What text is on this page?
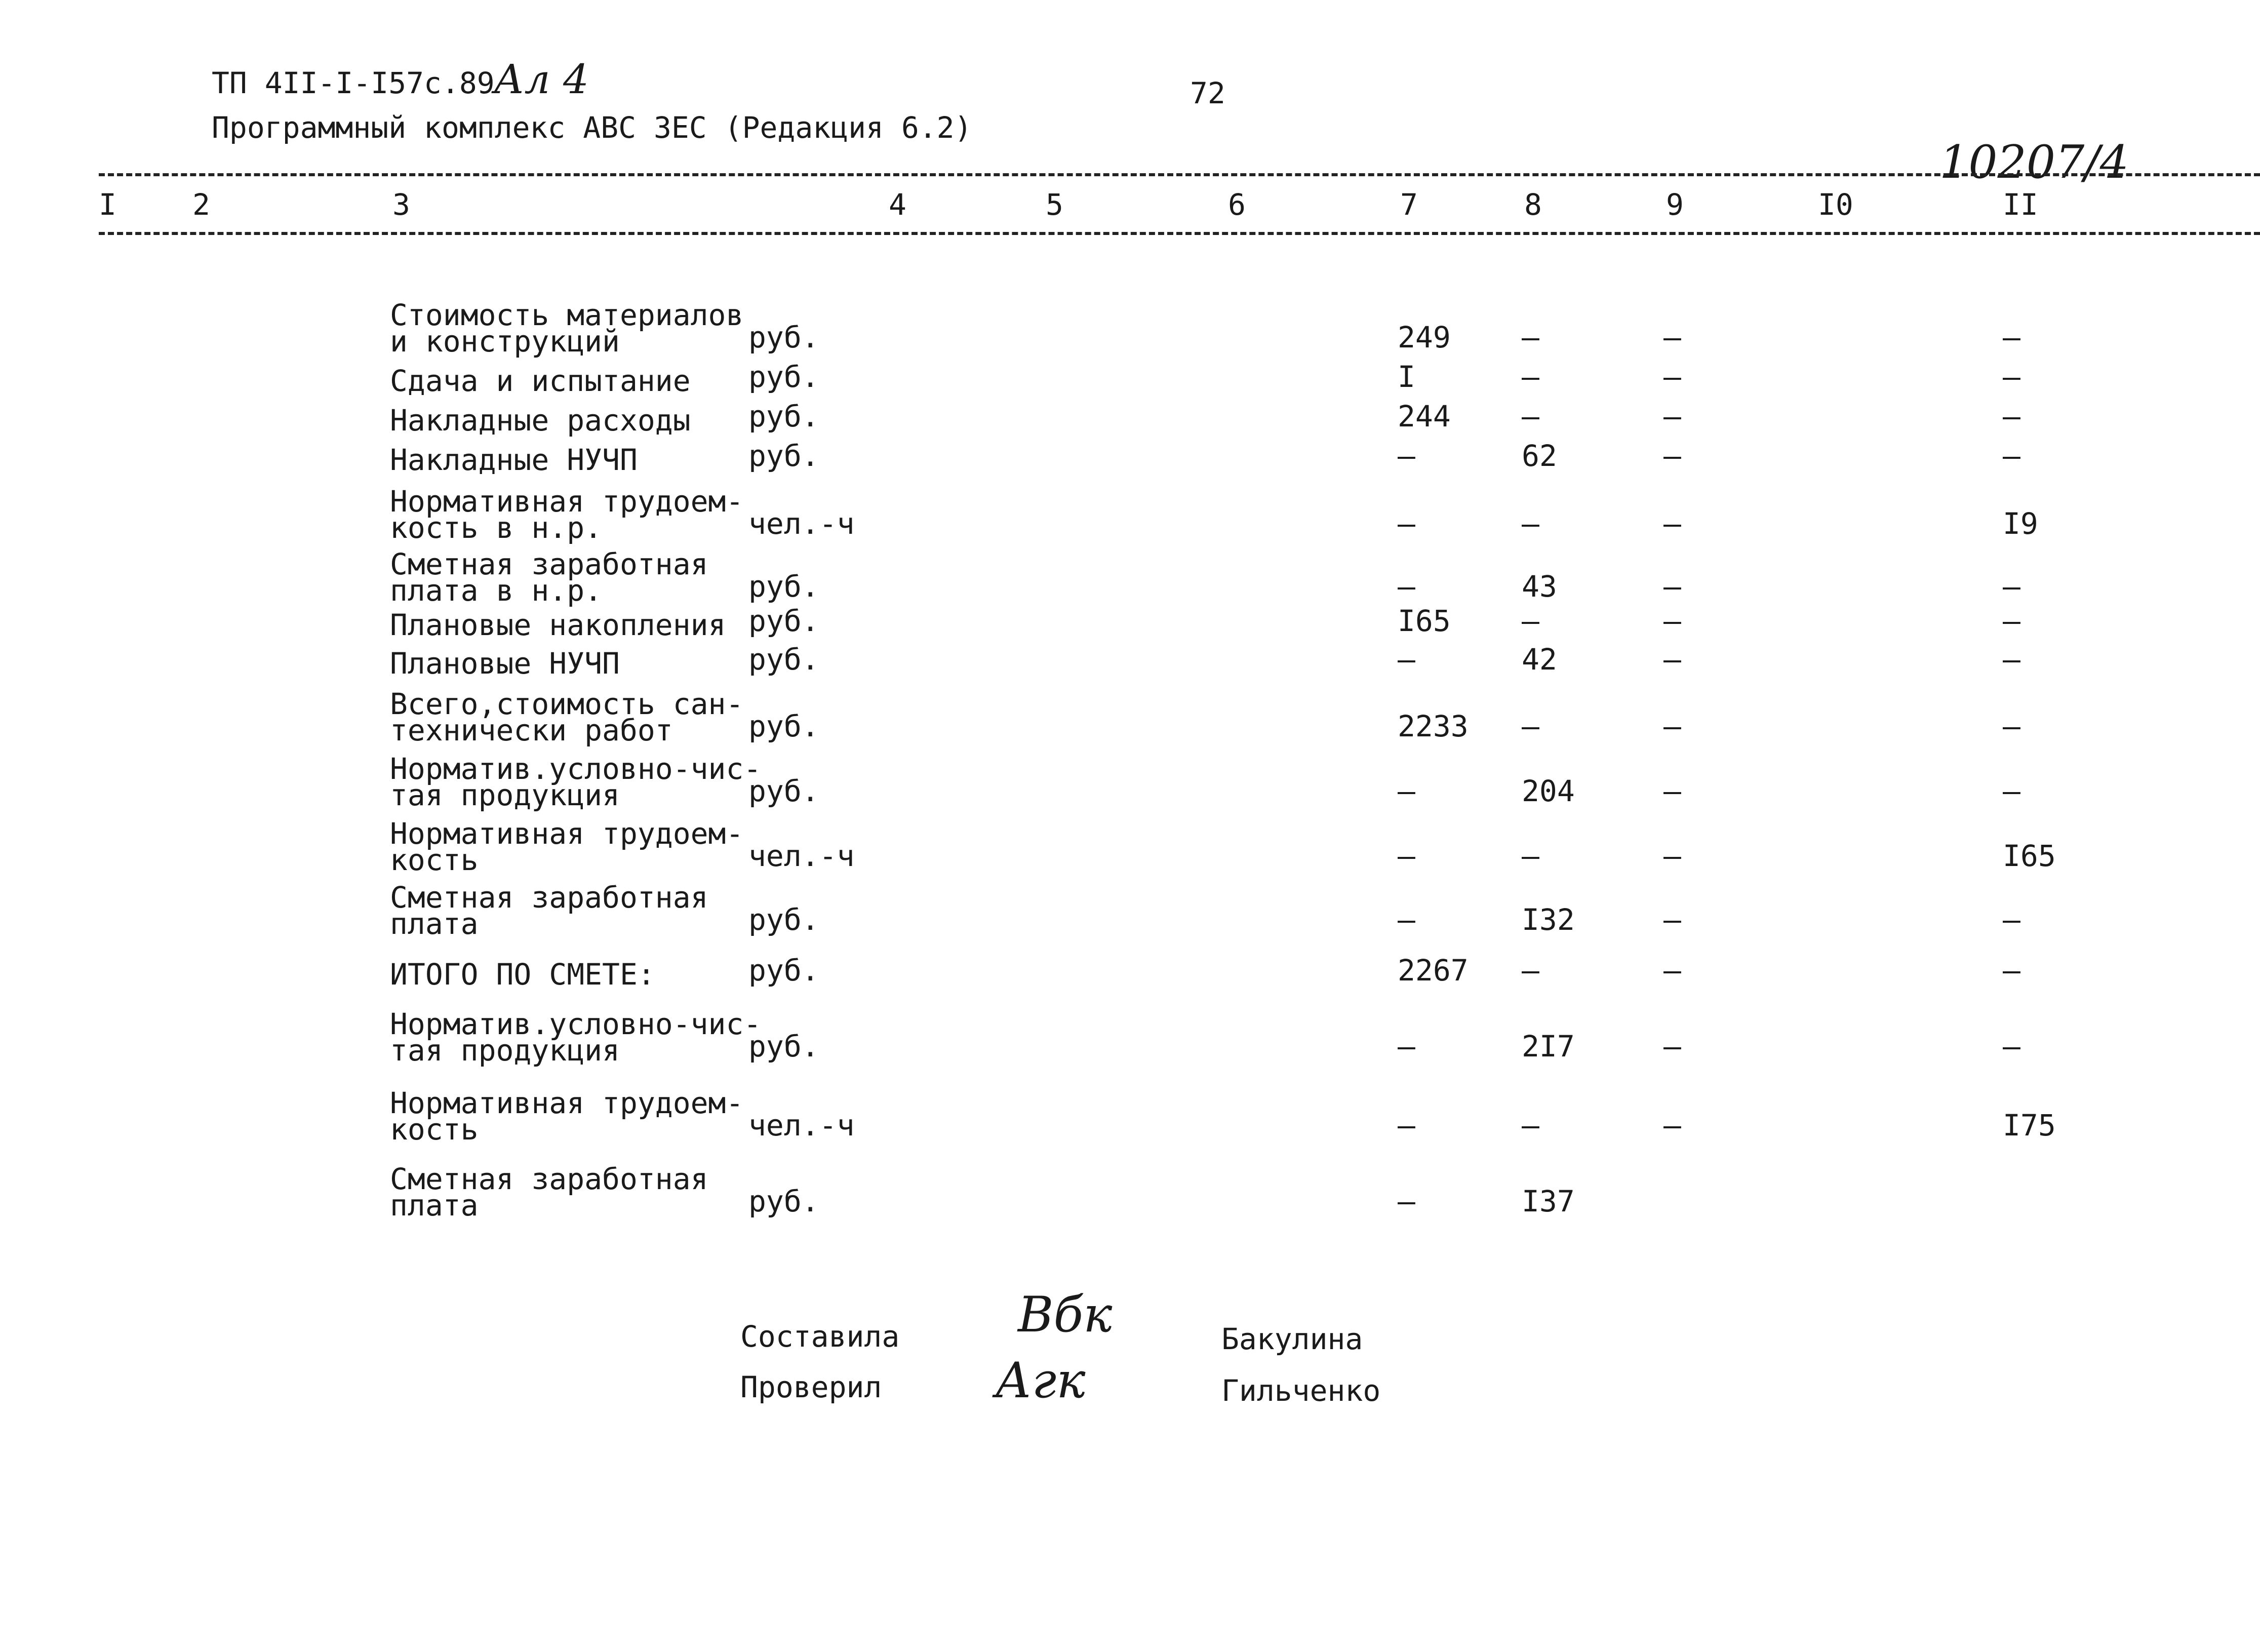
ТП 4II-I-I57с.89
Ал 4
Программный комплекс АВС ЗЕС (Редакция 6.2)
72
10207/4
I	2	3	4	5	6	7	8	9	I0	II
Стоимость материалов
и конструкций	руб.	249 –	–	–
Сдача и испытание руб.	I	–	–	–
Накладные расходы руб.	244 –	–	–
Накладные НУЧП	руб.	–	62	–	–
Нормативная трудоем-
кость в н.р.	чел.-ч	–	–	–	I9
Сметная заработная
плата в н.р.	руб.	–	43	–	–
Плановые накопления руб.	I65 –	–	–
Плановые НУЧП	руб.	–	42	–	–
Всего,стоимость сан-
технически работ	руб.	2233 –	–	–
Норматив.условно-чис-
тая продукция	руб.	–	204	–	–
Нормативная трудоем-
кость	чел.-ч	–	–	–	I65
Сметная заработная
плата	руб.	–	I32	–	–
ИТОГО ПО СМЕТЕ:	руб.	2267 –	–	–
Норматив.условно-чис-
тая продукция	руб.	–	2I7	–	–
Нормативная трудоем-
кость	чел.-ч	–	–	–	I75
Сметная заработная
плата	руб.	–	I37
Составила Вбк	Бакулина
Проверил Агк	Гильченко
